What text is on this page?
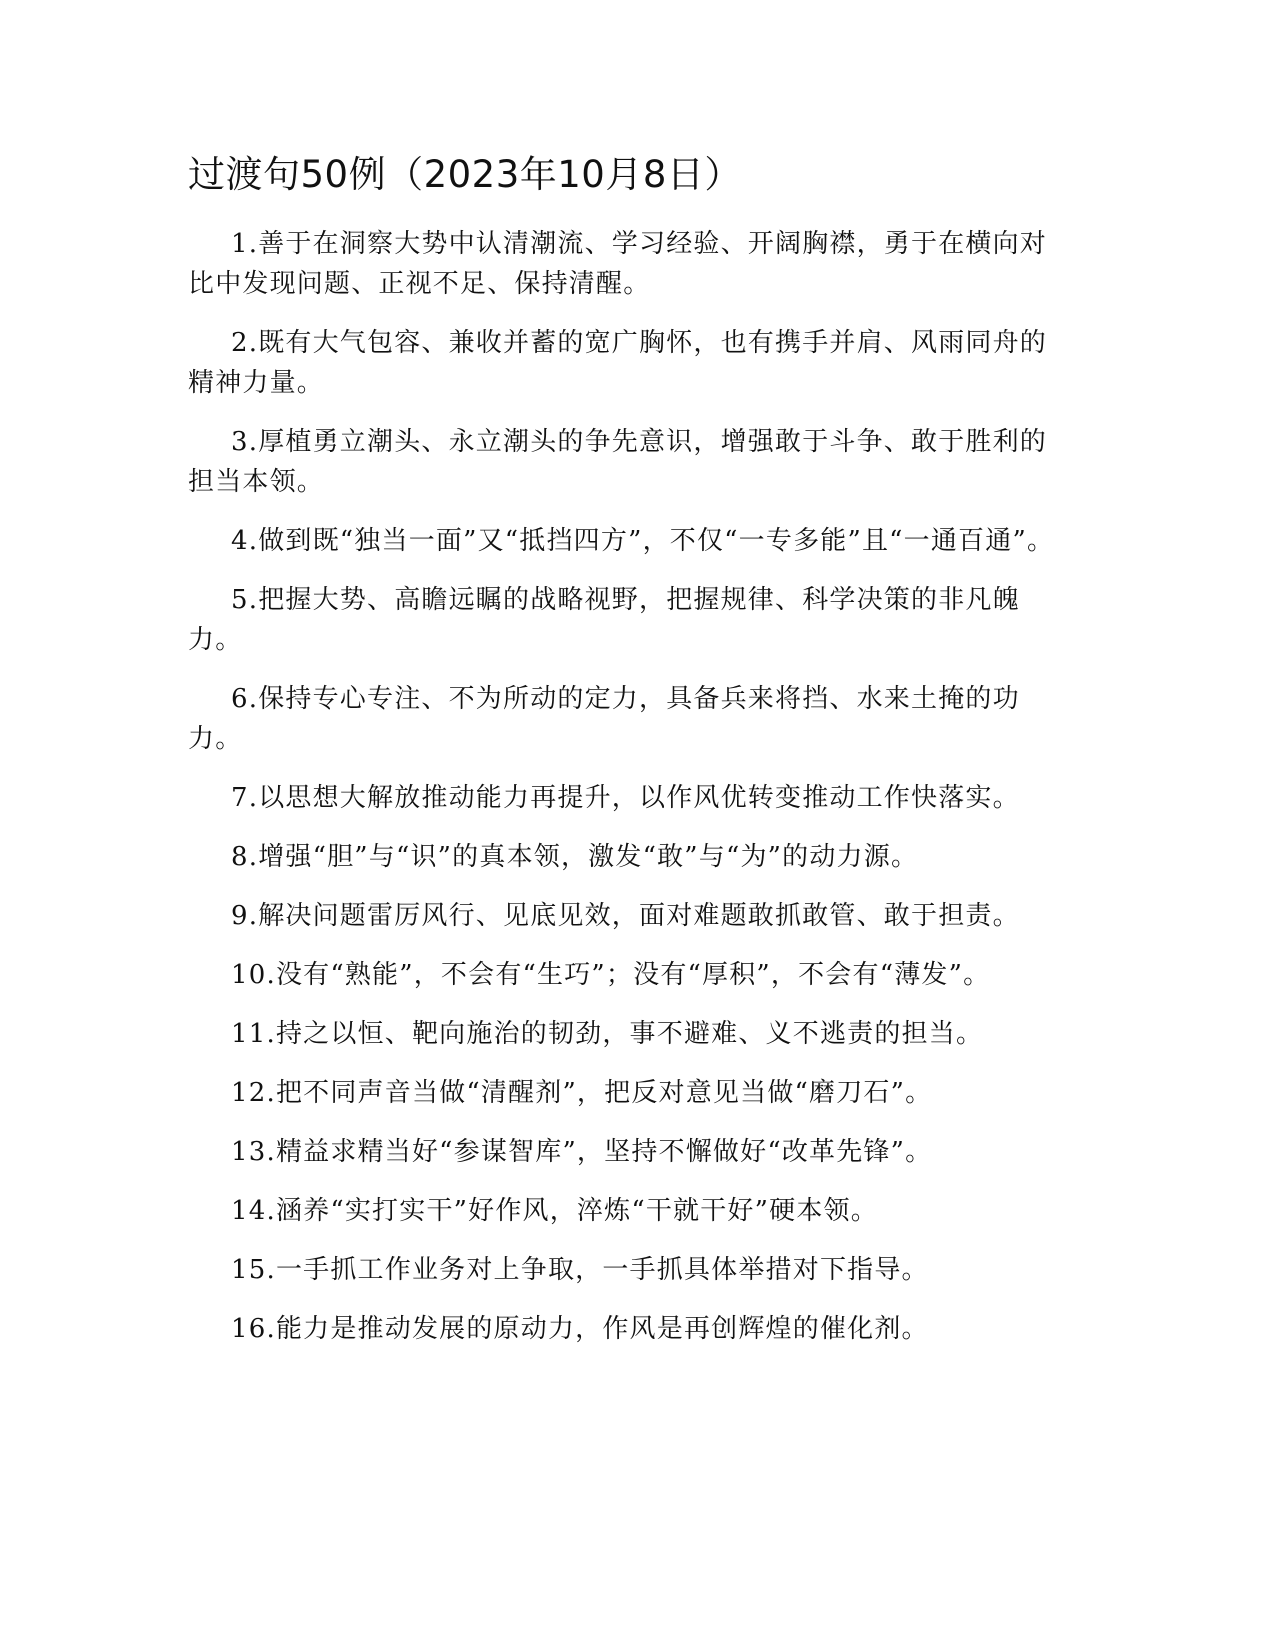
过渡句50例（2023年10月8日）

1.善于在洞察大势中认清潮流、学习经验、开阔胸襟，勇于在横向对比中发现问题、正视不足、保持清醒。

2.既有大气包容、兼收并蓄的宽广胸怀，也有携手并肩、风雨同舟的精神力量。

3.厚植勇立潮头、永立潮头的争先意识，增强敢于斗争、敢于胜利的担当本领。

4.做到既“独当一面”又“抵挡四方”，不仅“一专多能”且“一通百通”。

5.把握大势、高瞻远瞩的战略视野，把握规律、科学决策的非凡魄力。

6.保持专心专注、不为所动的定力，具备兵来将挡、水来土掩的功力。

7.以思想大解放推动能力再提升，以作风优转变推动工作快落实。

8.增强“胆”与“识”的真本领，激发“敢”与“为”的动力源。

9.解决问题雷厉风行、见底见效，面对难题敢抓敢管、敢于担责。

10.没有“熟能”，不会有“生巧”；没有“厚积”，不会有“薄发”。

11.持之以恒、靶向施治的韧劲，事不避难、义不逃责的担当。

12.把不同声音当做“清醒剂”，把反对意见当做“磨刀石”。

13.精益求精当好“参谋智库”，坚持不懈做好“改革先锋”。

14.涵养“实打实干”好作风，淬炼“干就干好”硬本领。

15.一手抓工作业务对上争取，一手抓具体举措对下指导。

16.能力是推动发展的原动力，作风是再创辉煌的催化剂。
